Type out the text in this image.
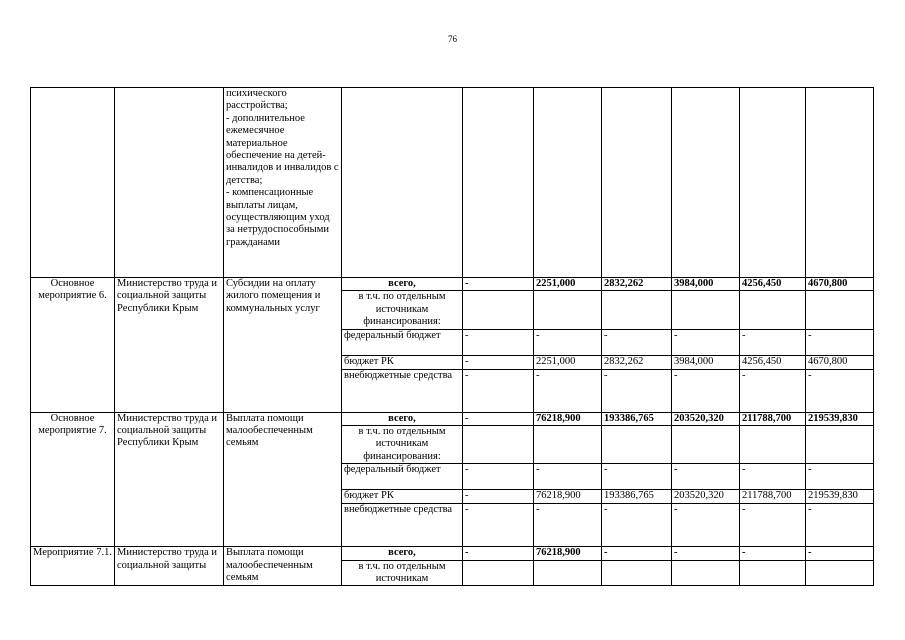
76
		психического расстройства;
- дополнительное ежемесячное материальное обеспечение на детей-инвалидов и инвалидов с детства;
- компенсационные выплаты лицам, осуществляющим уход за нетрудоспособными гражданами							
Основное мероприятие 6.	Министерство труда и социальной защиты Республики Крым	Субсидии на оплату жилого помещения и коммунальных услуг	всего,	-	2251,000	2832,262	3984,000	4256,450	4670,800
			в т.ч. по отдельным источникам финансирования:						
			федеральный бюджет	-	-	-	-	-	-
			бюджет РК	-	2251,000	2832,262	3984,000	4256,450	4670,800
			внебюджетные средства	-	-	-	-	-	-
Основное мероприятие 7.	Министерство труда и социальной защиты Республики Крым	Выплата помощи малообеспеченным семьям	всего,	-	76218,900	193386,765	203520,320	211788,700	219539,830
			в т.ч. по отдельным источникам финансирования:						
			федеральный бюджет	-	-	-	-	-	-
			бюджет РК	-	76218,900	193386,765	203520,320	211788,700	219539,830
			внебюджетные средства	-	-	-	-	-	-
Мероприятие 7.1.	Министерство труда и социальной защиты	Выплата помощи малообеспеченным семьям	всего,	-	76218,900	-	-	-	-
			в т.ч. по отдельным источникам						
